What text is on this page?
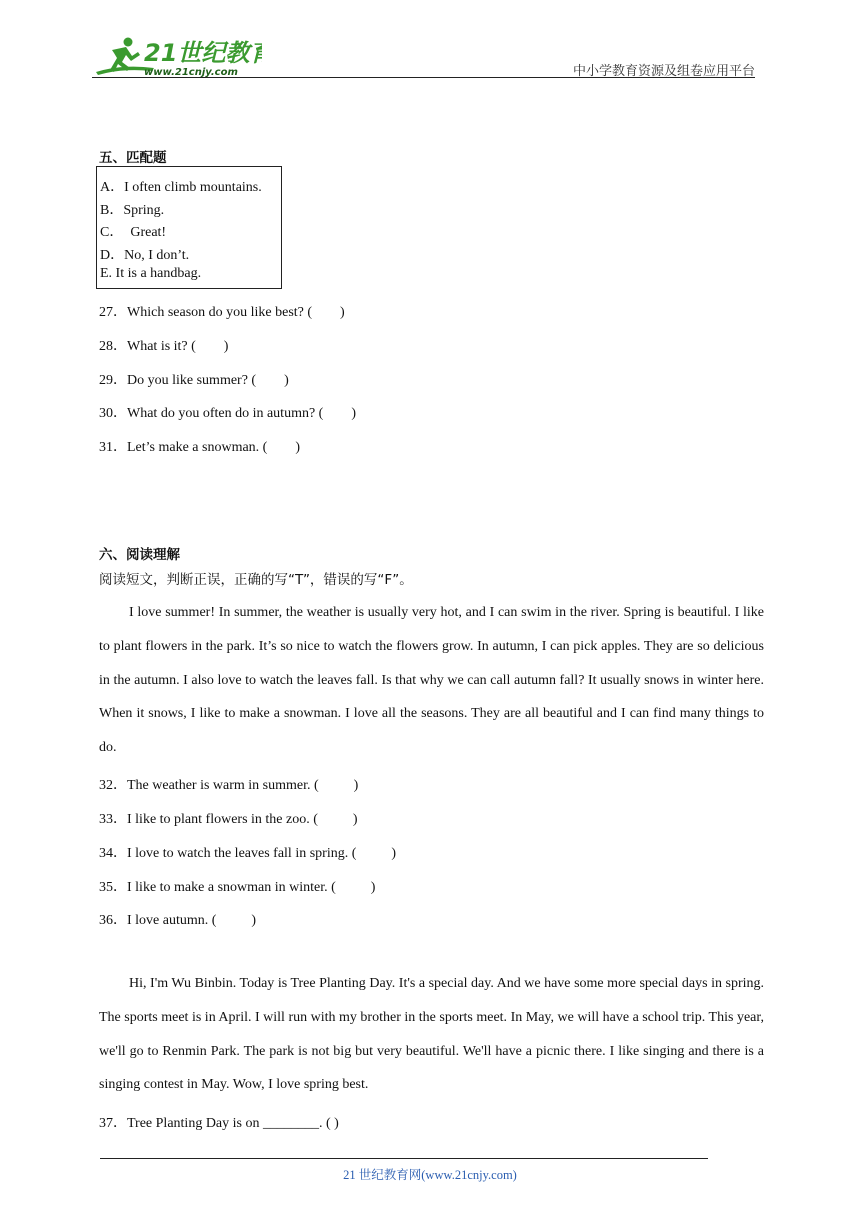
21世纪教育
www.21cnjy.com	中小学教育资源及组卷应用平台
五、匹配题
A．I often climb mountains.
B．Spring.
C．  Great!
D．No, I don’t.
E. It is a handbag.
27．Which season do you like best? (        )
28．What is it? (        )
29．Do you like summer? (        )
30．What do you often do in autumn? (        )
31．Let’s make a snowman. (        )
六、阅读理解
阅读短文，判断正误，正确的写“T”，错误的写“F”。
I love summer! In summer, the weather is usually very hot, and I can swim in the river. Spring is beautiful. I like to plant flowers in the park. It’s so nice to watch the flowers grow. In autumn, I can pick apples. They are so delicious in the autumn. I also love to watch the leaves fall. Is that why we can call autumn fall? It usually snows in winter here. When it snows, I like to make a snowman. I love all the seasons. They are all beautiful and I can find many things to do.
32．The weather is warm in summer. (          )
33．I like to plant flowers in the zoo. (          )
34．I love to watch the leaves fall in spring. (          )
35．I like to make a snowman in winter. (          )
36．I love autumn. (          )
Hi, I'm Wu Binbin. Today is Tree Planting Day. It's a special day. And we have some more special days in spring. The sports meet is in April. I will run with my brother in the sports meet. In May, we will have a school trip. This year, we'll go to Renmin Park. The park is not big but very beautiful. We'll have a picnic there. I like singing and there is a singing contest in May. Wow, I love spring best.
37．Tree Planting Day is on ________. ( )
21 世纪教育网(www.21cnjy.com)
